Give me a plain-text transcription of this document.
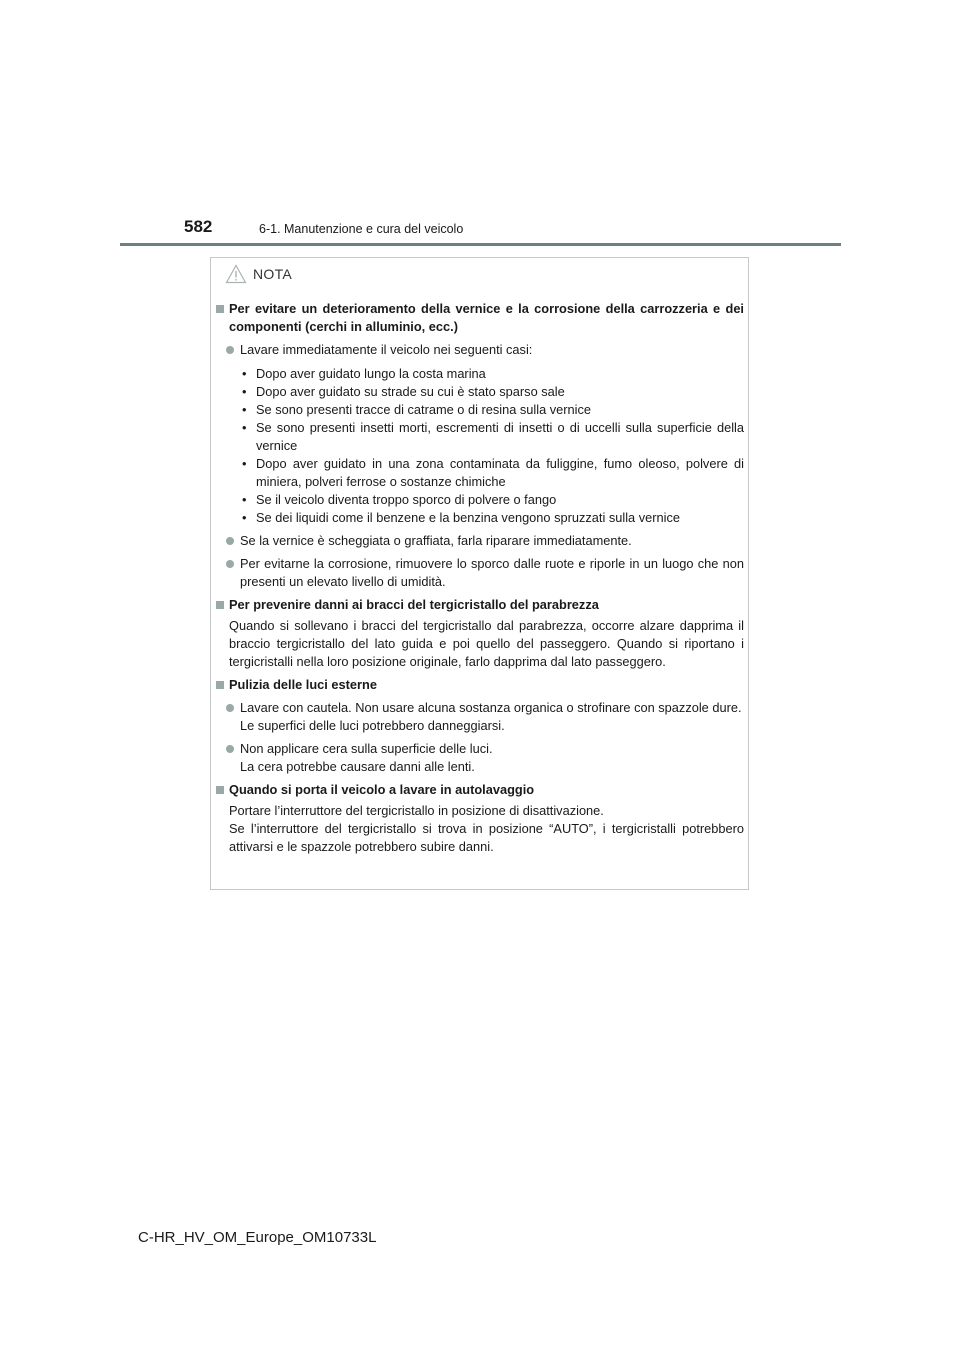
582	6-1. Manutenzione e cura del veicolo
NOTA
Per evitare un deterioramento della vernice e la corrosione della carrozzeria e dei componenti (cerchi in alluminio, ecc.)
Lavare immediatamente il veicolo nei seguenti casi:
• Dopo aver guidato lungo la costa marina
• Dopo aver guidato su strade su cui è stato sparso sale
• Se sono presenti tracce di catrame o di resina sulla vernice
• Se sono presenti insetti morti, escrementi di insetti o di uccelli sulla superficie della vernice
• Dopo aver guidato in una zona contaminata da fuliggine, fumo oleoso, polvere di miniera, polveri ferrose o sostanze chimiche
• Se il veicolo diventa troppo sporco di polvere o fango
• Se dei liquidi come il benzene e la benzina vengono spruzzati sulla vernice
Se la vernice è scheggiata o graffiata, farla riparare immediatamente.
Per evitarne la corrosione, rimuovere lo sporco dalle ruote e riporle in un luogo che non presenti un elevato livello di umidità.
Per prevenire danni ai bracci del tergicristallo del parabrezza
Quando si sollevano i bracci del tergicristallo dal parabrezza, occorre alzare dapprima il braccio tergicristallo del lato guida e poi quello del passeggero. Quando si riportano i tergicristalli nella loro posizione originale, farlo dapprima dal lato passeggero.
Pulizia delle luci esterne
Lavare con cautela. Non usare alcuna sostanza organica o strofinare con spazzole dure.
Le superfici delle luci potrebbero danneggiarsi.
Non applicare cera sulla superficie delle luci.
La cera potrebbe causare danni alle lenti.
Quando si porta il veicolo a lavare in autolavaggio
Portare l’interruttore del tergicristallo in posizione di disattivazione.
Se l’interruttore del tergicristallo si trova in posizione “AUTO”, i tergicristalli potrebbero attivarsi e le spazzole potrebbero subire danni.
C-HR_HV_OM_Europe_OM10733L
